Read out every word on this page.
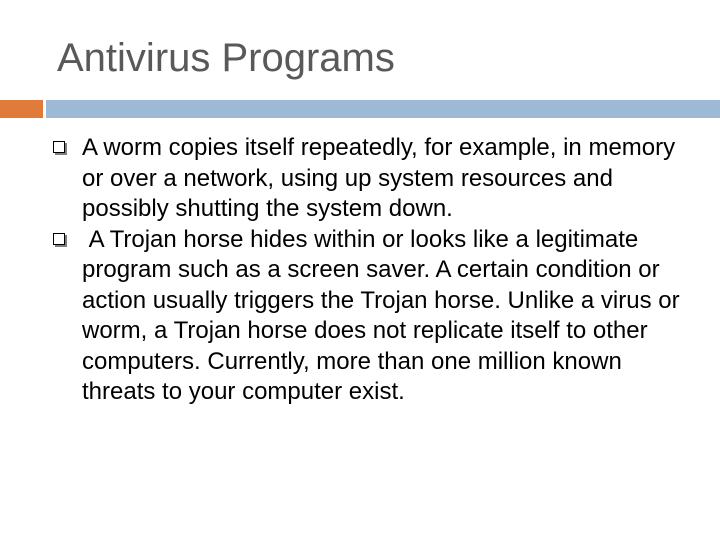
Antivirus Programs
A worm copies itself repeatedly, for example, in memory or over a network, using up system resources and possibly shutting the system down.
A Trojan horse hides within or looks like a legitimate program such as a screen saver. A certain condition or action usually triggers the Trojan horse. Unlike a virus or worm, a Trojan horse does not replicate itself to other computers. Currently, more than one million known threats to your computer exist.
